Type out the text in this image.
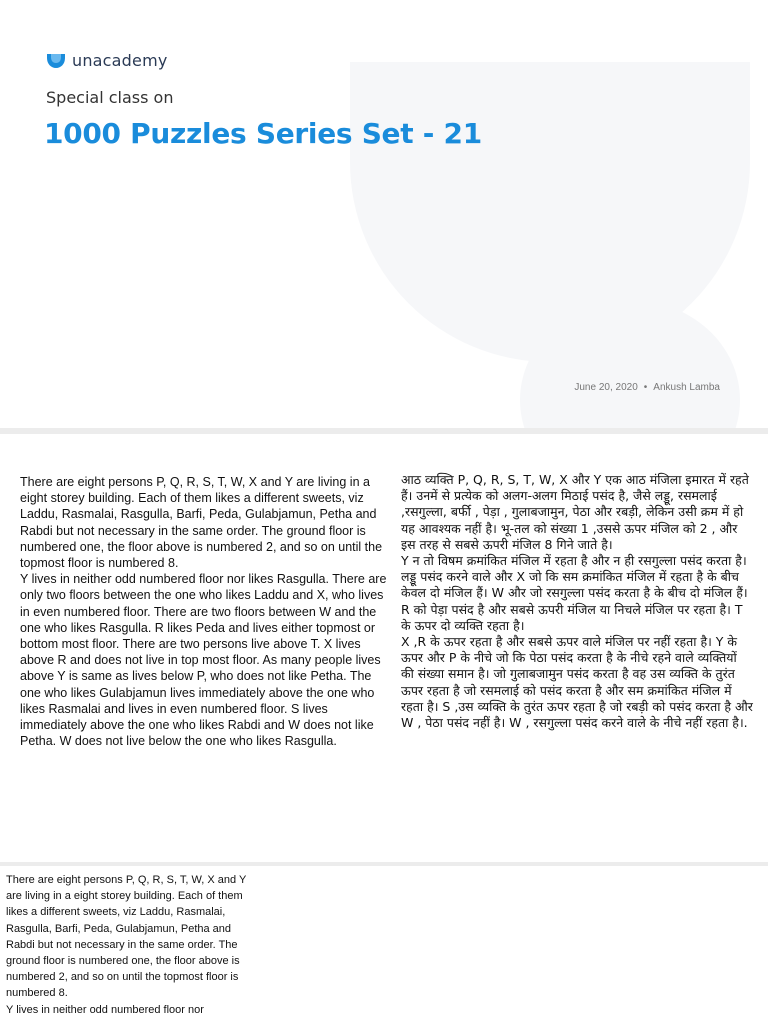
unacademy
Special class on
1000 Puzzles Series Set - 21
June 20, 2020 • Ankush Lamba

There are eight persons P, Q, R, S, T, W, X and Y are living in a eight storey building. Each of them likes a different sweets, viz Laddu, Rasmalai, Rasgulla, Barfi, Peda, Gulabjamun, Petha and Rabdi but not necessary in the same order. The ground floor is numbered one, the floor above is numbered 2, and so on until the topmost floor is numbered 8.

Y lives in neither odd numbered floor nor likes Rasgulla. There are only two floors between the one who likes Laddu and X, who lives in even numbered floor. There are two floors between W and the one who likes Rasgulla. R likes Peda and lives either topmost or bottom most floor. There are two persons live above T. X lives above R and does not live in top most floor. As many people lives above Y is same as lives below P, who does not like Petha. The one who likes Gulabjamun lives immediately above the one who likes Rasmalai and lives in even numbered floor. S lives immediately above the one who likes Rabdi and W does not like Petha. W does not live below the one who likes Rasgulla.

आठ व्यक्ति P, Q, R, S, T, W, X और Y एक आठ मंजिला इमारत में रहते हैं। उनमें से प्रत्येक को अलग-अलग मिठाई पसंद है, जैसे लड्डू, रसमलाई ,रसगुल्ला, बर्फी , पेड़ा , गुलाबजामुन, पेठा और रबड़ी, लेकिन उसी क्रम में हो यह आवश्यक नहीं है। भू-तल को संख्या 1 ,उससे ऊपर मंजिल को 2 , और इस तरह से सबसे ऊपरी मंजिल 8 गिने जाते है।

Y न तो विषम क्रमांकित मंजिल में रहता है और न ही रसगुल्ला पसंद करता है।लड्डू पसंद करने वाले और X जो कि सम क्रमांकित मंजिल में रहता है के बीच केवल दो मंजिल हैं। W और जो रसगुल्ला पसंद करता है के बीच दो मंजिल हैं। R को पेड़ा पसंद है और सबसे ऊपरी मंजिल या निचले मंजिल पर रहता है। T के ऊपर दो व्यक्ति रहता है।

X ,R के ऊपर रहता है और सबसे ऊपर वाले मंजिल पर नहीं रहता है। Y के ऊपर और P के नीचे जो कि पेठा पसंद करता है के नीचे रहने वाले व्यक्तियों की संख्या समान है। जो गुलाबजामुन पसंद करता है वह उस व्यक्ति के तुरंत ऊपर रहता है जो रसमलाई को पसंद करता है और सम क्रमांकित मंजिल में रहता है। S ,उस व्यक्ति के तुरंत ऊपर रहता है जो रबड़ी को पसंद करता है और W , पेठा पसंद नहीं है। W , रसगुल्ला पसंद करने वाले के नीचे नहीं रहता है।.

There are eight persons P, Q, R, S, T, W, X and Y are living in a eight storey building. Each of them likes a different sweets, viz Laddu, Rasmalai, Rasgulla, Barfi, Peda, Gulabjamun, Petha and Rabdi but not necessary in the same order. The ground floor is numbered one, the floor above is numbered 2, and so on until the topmost floor is numbered 8.

Y lives in neither odd numbered floor nor
